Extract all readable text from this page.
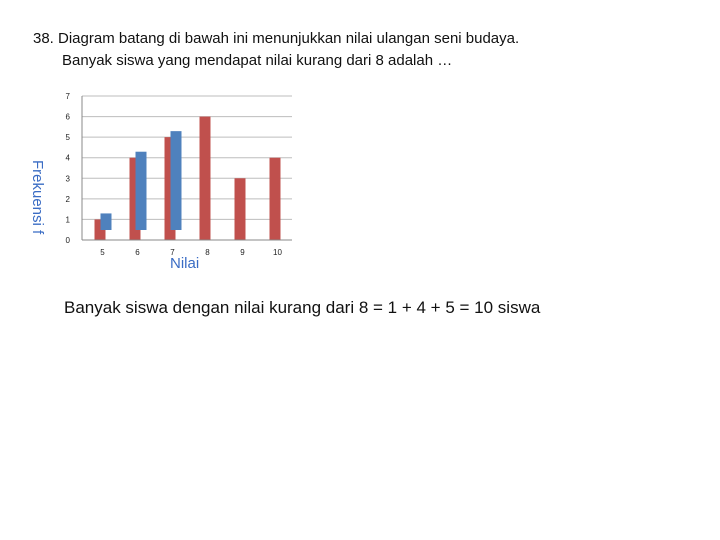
38. Diagram batang di bawah ini menunjukkan nilai ulangan seni budaya.
Banyak siswa yang mendapat nilai kurang dari 8 adalah …
0
1
2
3
4
5
6
7
5	6	7	8	9	10
Frekuensi f
Nilai
Banyak siswa dengan nilai kurang dari 8 = 1 + 4 + 5 = 10 siswa
